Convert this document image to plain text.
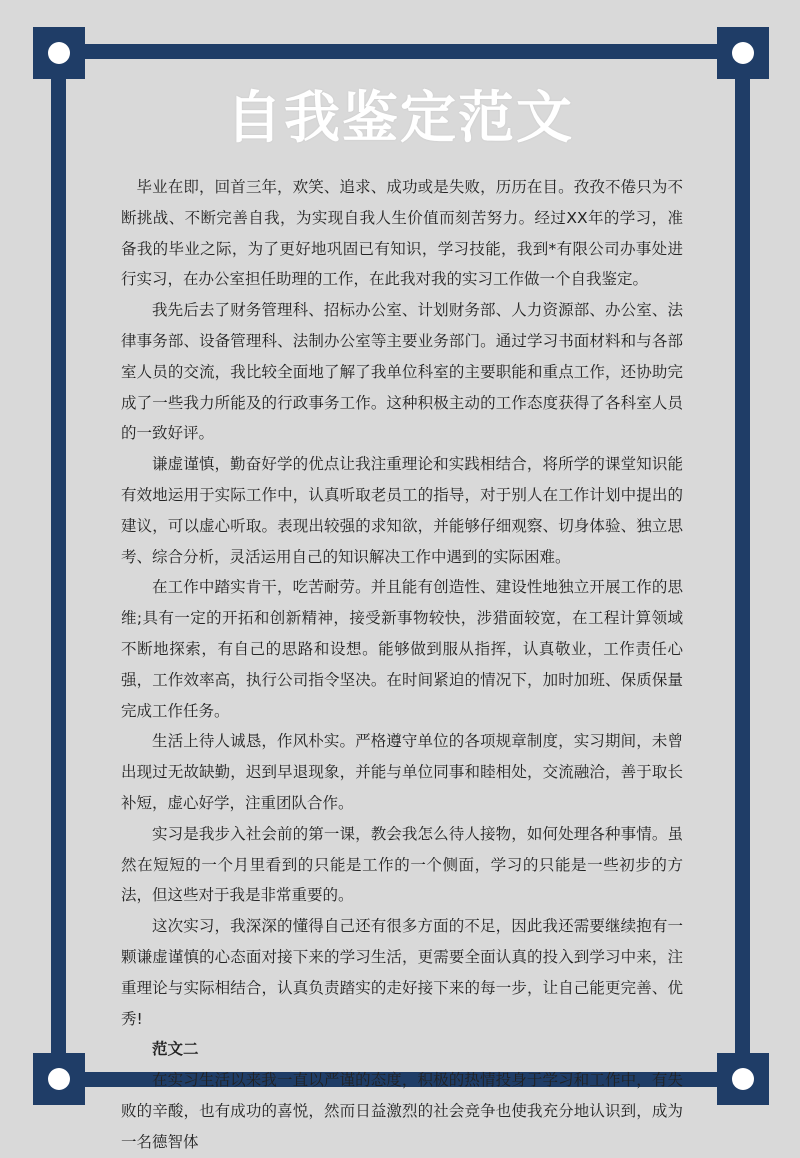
自我鉴定范文

毕业在即，回首三年，欢笑、追求、成功或是失败，历历在目。孜孜不倦只为不断挑战、不断完善自我，为实现自我人生价值而刻苦努力。经过XX年的学习，准备我的毕业之际，为了更好地巩固已有知识，学习技能，我到*有限公司办事处进行实习，在办公室担任助理的工作，在此我对我的实习工作做一个自我鉴定。

我先后去了财务管理科、招标办公室、计划财务部、人力资源部、办公室、法律事务部、设备管理科、法制办公室等主要业务部门。通过学习书面材料和与各部室人员的交流，我比较全面地了解了我单位科室的主要职能和重点工作，还协助完成了一些我力所能及的行政事务工作。这种积极主动的工作态度获得了各科室人员的一致好评。

谦虚谨慎，勤奋好学的优点让我注重理论和实践相结合，将所学的课堂知识能有效地运用于实际工作中，认真听取老员工的指导，对于别人在工作计划中提出的建议，可以虚心听取。表现出较强的求知欲，并能够仔细观察、切身体验、独立思考、综合分析，灵活运用自己的知识解决工作中遇到的实际困难。

在工作中踏实肯干，吃苦耐劳。并且能有创造性、建设性地独立开展工作的思维;具有一定的开拓和创新精神，接受新事物较快，涉猎面较宽，在工程计算领域不断地探索，有自己的思路和设想。能够做到服从指挥，认真敬业，工作责任心强，工作效率高，执行公司指令坚决。在时间紧迫的情况下，加时加班、保质保量完成工作任务。

生活上待人诚恳，作风朴实。严格遵守单位的各项规章制度，实习期间，未曾出现过无故缺勤，迟到早退现象，并能与单位同事和睦相处，交流融洽，善于取长补短，虚心好学，注重团队合作。

实习是我步入社会前的第一课，教会我怎么待人接物，如何处理各种事情。虽然在短短的一个月里看到的只能是工作的一个侧面，学习的只能是一些初步的方法，但这些对于我是非常重要的。

这次实习，我深深的懂得自己还有很多方面的不足，因此我还需要继续抱有一颗谦虚谨慎的心态面对接下来的学习生活，更需要全面认真的投入到学习中来，注重理论与实际相结合，认真负责踏实的走好接下来的每一步，让自己能更完善、优秀!

范文二

在实习生活以来我一直以严谨的态度，积极的热情投身于学习和工作中，有失败的辛酸，也有成功的喜悦，然而日益激烈的社会竞争也使我充分地认识到，成为一名德智体
